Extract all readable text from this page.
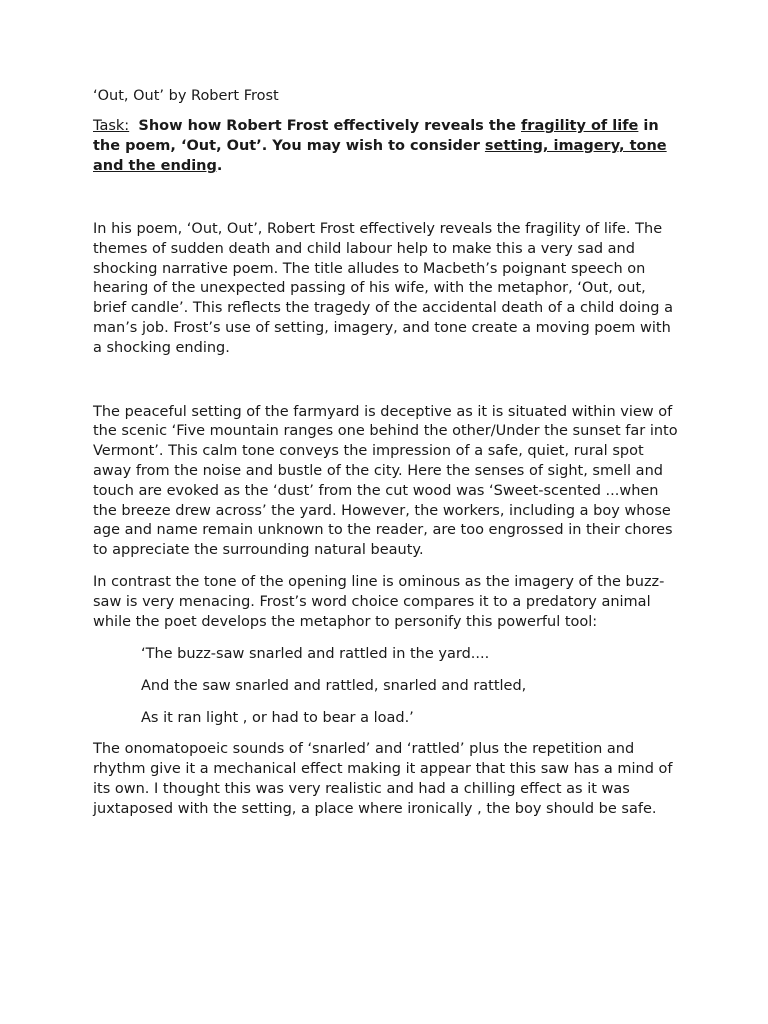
‘Out, Out’ by Robert Frost

Task: Show how Robert Frost effectively reveals the fragility of life in the poem, ‘Out, Out’. You may wish to consider setting, imagery, tone and the ending.

In his poem, ‘Out, Out’, Robert Frost effectively reveals the fragility of life. The themes of sudden death and child labour help to make this a very sad and shocking narrative poem. The title alludes to Macbeth’s poignant speech on hearing of the unexpected passing of his wife, with the metaphor, ‘Out, out, brief candle’. This reflects the tragedy of the accidental death of a child doing a man’s job. Frost’s use of setting, imagery, and tone create a moving poem with a shocking ending.

The peaceful setting of the farmyard is deceptive as it is situated within view of the scenic ‘Five mountain ranges one behind the other/Under the sunset far into Vermont’. This calm tone conveys the impression of a safe, quiet, rural spot away from the noise and bustle of the city. Here the senses of sight, smell and touch are evoked as the ‘dust’ from the cut wood was ‘Sweet-scented ...when the breeze drew across’ the yard. However, the workers, including a boy whose age and name remain unknown to the reader, are too engrossed in their chores to appreciate the surrounding natural beauty.

In contrast the tone of the opening line is ominous as the imagery of the buzz-saw is very menacing. Frost’s word choice compares it to a predatory animal while the poet develops the metaphor to personify this powerful tool:

‘The buzz-saw snarled and rattled in the yard....

And the saw snarled and rattled, snarled and rattled,

As it ran light , or had to bear a load.’

The onomatopoeic sounds of ‘snarled’ and ‘rattled’ plus the repetition and rhythm give it a mechanical effect making it appear that this saw has a mind of its own. I thought this was very realistic and had a chilling effect as it was juxtaposed with the setting, a place where ironically , the boy should be safe.
